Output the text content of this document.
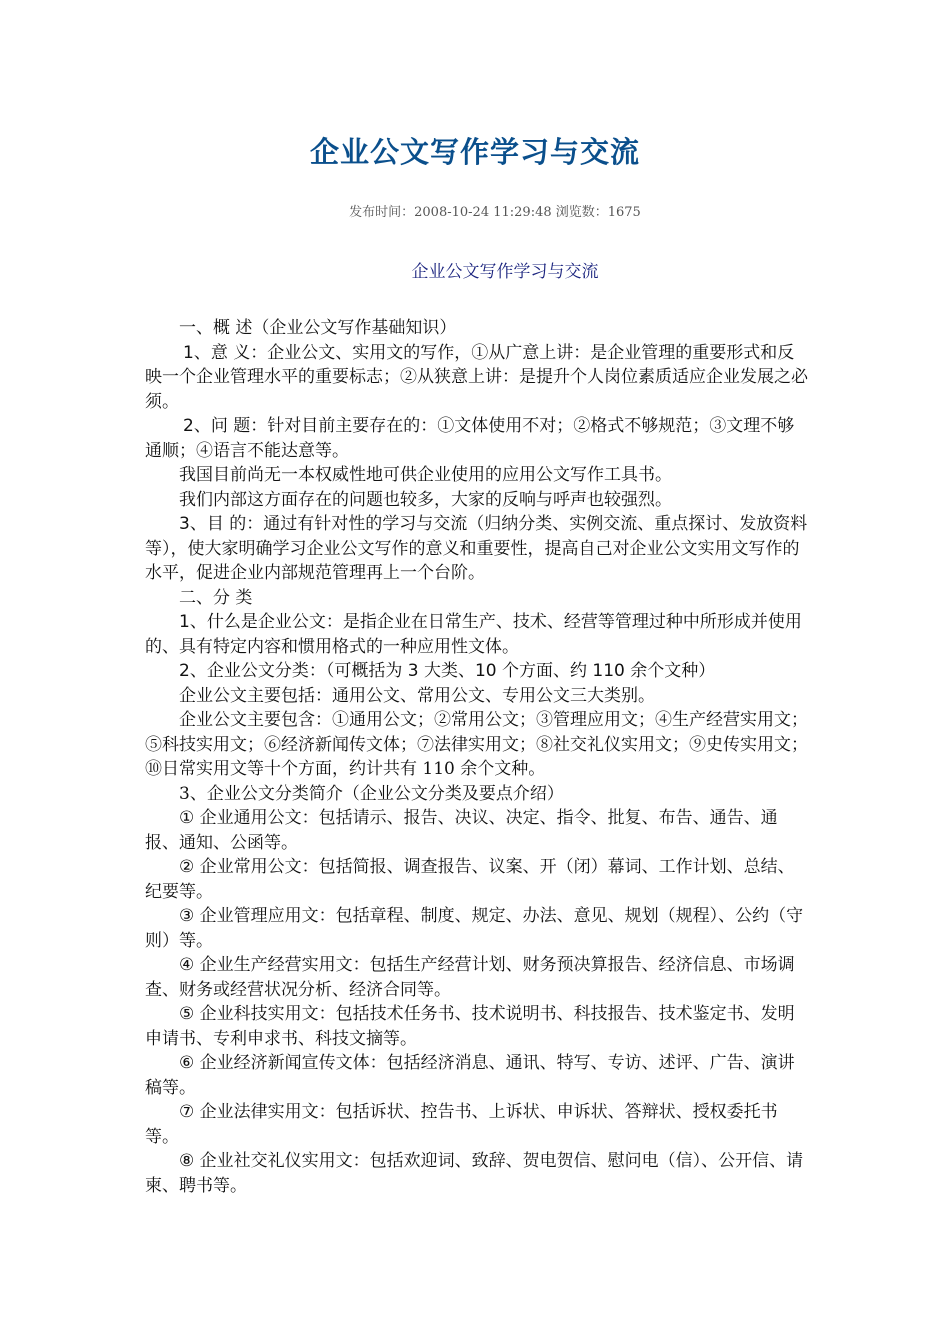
企业公文写作学习与交流
发布时间：2008-10-24 11:29:48 浏览数：1675
企业公文写作学习与交流

一、概 述（企业公文写作基础知识）

1、意 义：企业公文、实用文的写作，①从广意上讲：是企业管理的重要形式和反映一个企业管理水平的重要标志；②从狭意上讲：是提升个人岗位素质适应企业发展之必须。

2、问 题：针对目前主要存在的：①文体使用不对；②格式不够规范；③文理不够通顺；④语言不能达意等。

我国目前尚无一本权威性地可供企业使用的应用公文写作工具书。

我们内部这方面存在的问题也较多，大家的反响与呼声也较强烈。

3、目 的：通过有针对性的学习与交流（归纳分类、实例交流、重点探讨、发放资料等），使大家明确学习企业公文写作的意义和重要性，提高自己对企业公文实用文写作的水平，促进企业内部规范管理再上一个台阶。

二、分 类

1、什么是企业公文：是指企业在日常生产、技术、经营等管理过种中所形成并使用的、具有特定内容和惯用格式的一种应用性文体。

2、企业公文分类：（可概括为 3 大类、10 个方面、约 110 余个文种）

企业公文主要包括：通用公文、常用公文、专用公文三大类别。

企业公文主要包含：①通用公文；②常用公文；③管理应用文；④生产经营实用文；⑤科技实用文；⑥经济新闻传文体；⑦法律实用文；⑧社交礼仪实用文；⑨史传实用文；⑩日常实用文等十个方面，约计共有 110 余个文种。

3、企业公文分类简介（企业公文分类及要点介绍）

① 企业通用公文：包括请示、报告、决议、决定、指令、批复、布告、通告、通报、通知、公函等。

② 企业常用公文：包括简报、调查报告、议案、开（闭）幕词、工作计划、总结、纪要等。

③ 企业管理应用文：包括章程、制度、规定、办法、意见、规划（规程）、公约（守则）等。

④ 企业生产经营实用文：包括生产经营计划、财务预决算报告、经济信息、市场调查、财务或经营状况分析、经济合同等。

⑤ 企业科技实用文：包括技术任务书、技术说明书、科技报告、技术鉴定书、发明申请书、专利申求书、科技文摘等。

⑥ 企业经济新闻宣传文体：包括经济消息、通讯、特写、专访、述评、广告、演讲稿等。

⑦ 企业法律实用文：包括诉状、控告书、上诉状、申诉状、答辩状、授权委托书等。

⑧ 企业社交礼仪实用文：包括欢迎词、致辞、贺电贺信、慰问电（信）、公开信、请柬、聘书等。
